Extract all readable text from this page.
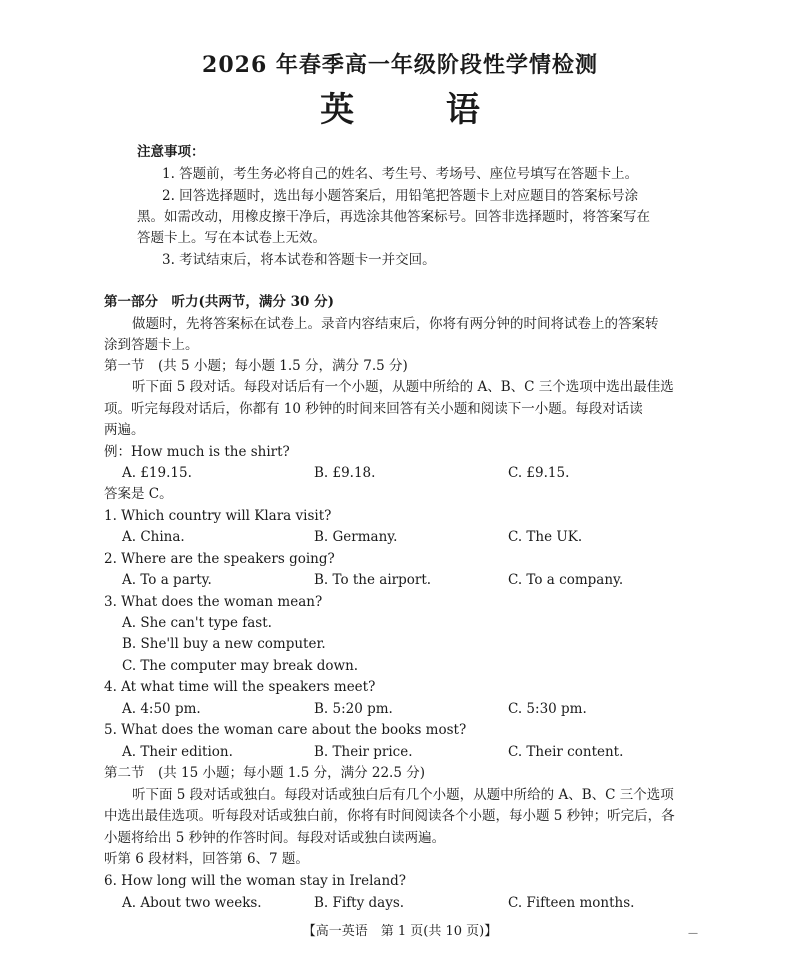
2026 年春季高一年级阶段性学情检测
英 语
注意事项：
1. 答题前，考生务必将自己的姓名、考生号、考场号、座位号填写在答题卡上。
2. 回答选择题时，选出每小题答案后，用铅笔把答题卡上对应题目的答案标号涂
黑。如需改动，用橡皮擦干净后，再选涂其他答案标号。回答非选择题时，将答案写在
答题卡上。写在本试卷上无效。
3. 考试结束后，将本试卷和答题卡一并交回。
第一部分　听力(共两节，满分 30 分)
做题时，先将答案标在试卷上。录音内容结束后，你将有两分钟的时间将试卷上的答案转
涂到答题卡上。
第一节　(共 5 小题；每小题 1.5 分，满分 7.5 分)
听下面 5 段对话。每段对话后有一个小题，从题中所给的 A、B、C 三个选项中选出最佳选
项。听完每段对话后，你都有 10 秒钟的时间来回答有关小题和阅读下一小题。每段对话读
两遍。
例：How much is the shirt?
A. £19.15.	B. £9.18.	C. £9.15.
答案是 C。
1. Which country will Klara visit?
A. China.	B. Germany.	C. The UK.
2. Where are the speakers going?
A. To a party.	B. To the airport.	C. To a company.
3. What does the woman mean?
A. She can't type fast.
B. She'll buy a new computer.
C. The computer may break down.
4. At what time will the speakers meet?
A. 4:50 pm.	B. 5:20 pm.	C. 5:30 pm.
5. What does the woman care about the books most?
A. Their edition.	B. Their price.	C. Their content.
第二节　(共 15 小题；每小题 1.5 分，满分 22.5 分)
听下面 5 段对话或独白。每段对话或独白后有几个小题，从题中所给的 A、B、C 三个选项
中选出最佳选项。听每段对话或独白前，你将有时间阅读各个小题，每小题 5 秒钟；听完后，各
小题将给出 5 秒钟的作答时间。每段对话或独白读两遍。
听第 6 段材料，回答第 6、7 题。
6. How long will the woman stay in Ireland?
A. About two weeks.	B. Fifty days.	C. Fifteen months.
【高一英语　第 1 页(共 10 页)】	—
